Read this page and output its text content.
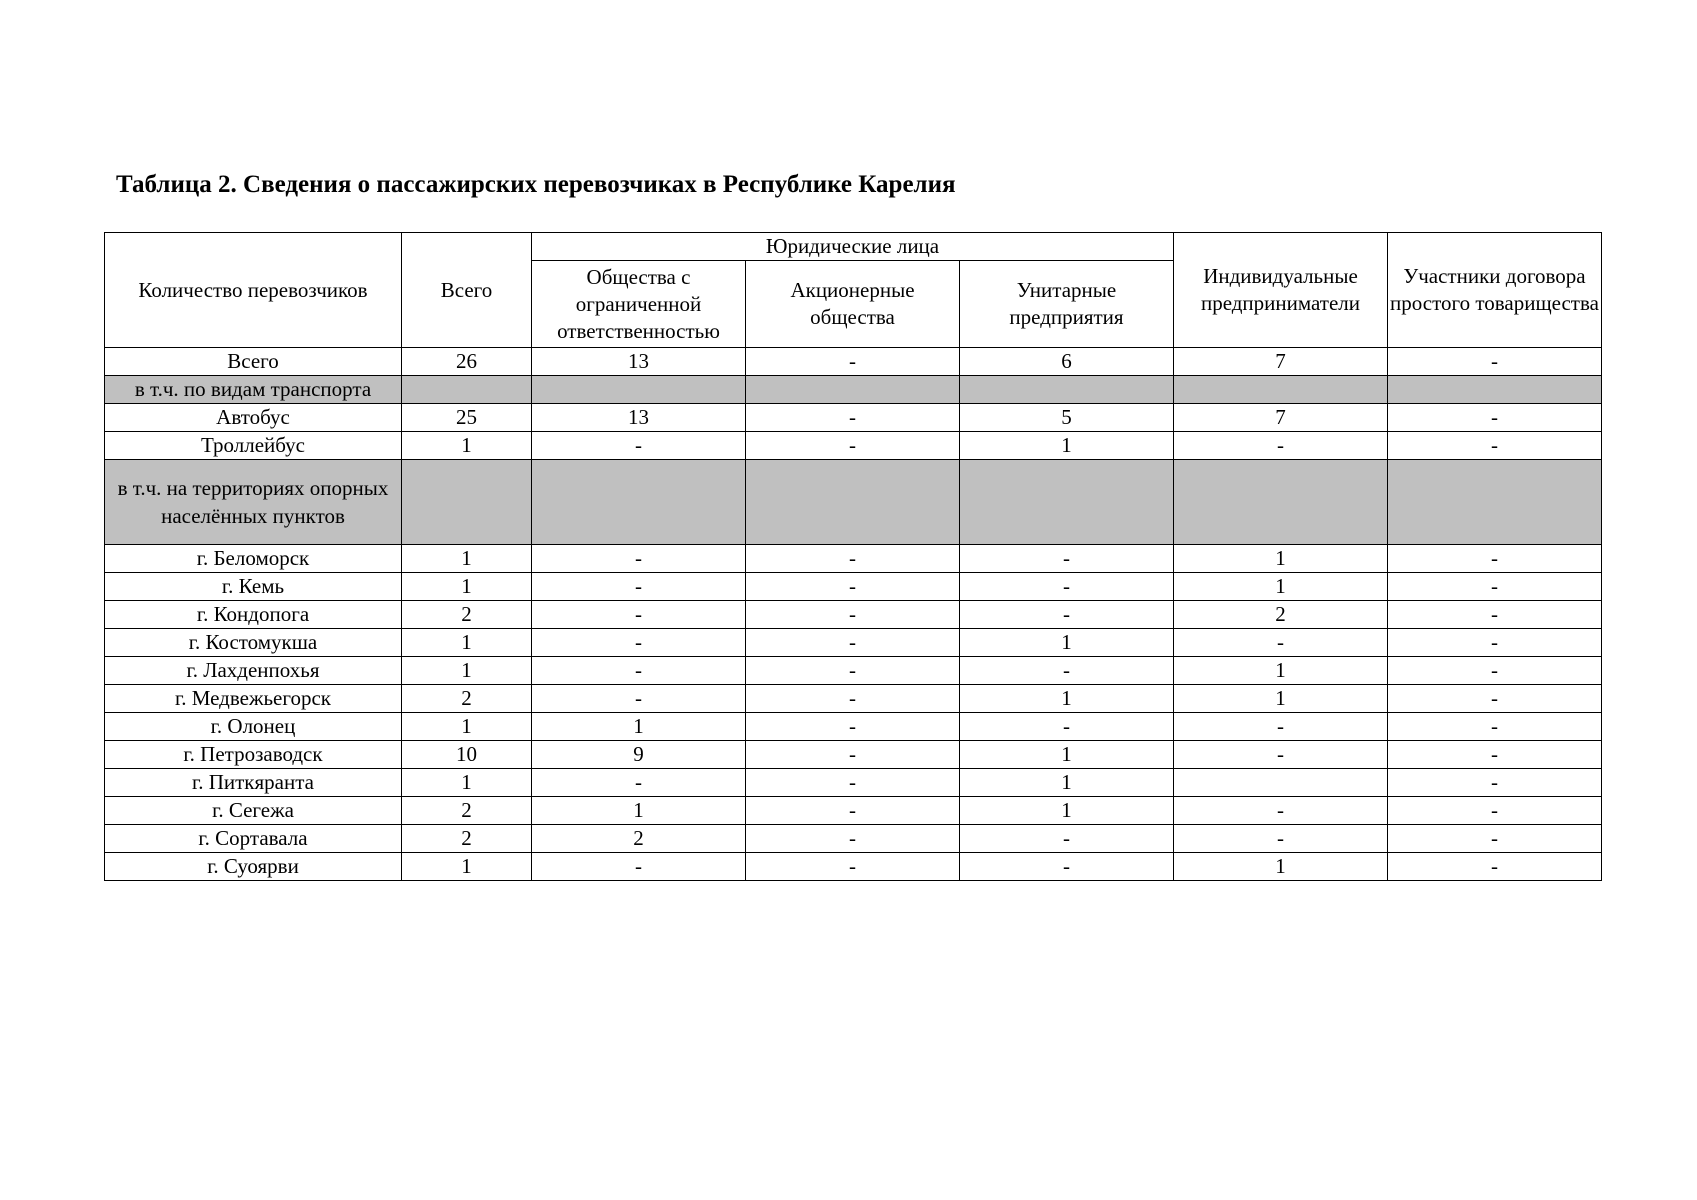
Таблица 2. Сведения о пассажирских перевозчиках в Республике Карелия
Количество перевозчиков	Всего	Юридические лица			Индивидуальные предприниматели	Участники договора простого товарищества
		Общества с ограниченной ответственностью	Акционерные общества	Унитарные предприятия		
Всего	26	13	-	6	7	-
в т.ч. по видам транспорта						
Автобус	25	13	-	5	7	-
Троллейбус	1	-	-	1	-	-
в т.ч. на территориях опорных населённых пунктов						
г. Беломорск	1	-	-	-	1	-
г. Кемь	1	-	-	-	1	-
г. Кондопога	2	-	-	-	2	-
г. Костомукша	1	-	-	1	-	-
г. Лахденпохья	1	-	-	-	1	-
г. Медвежьегорск	2	-	-	1	1	-
г. Олонец	1	1	-	-	-	-
г. Петрозаводск	10	9	-	1	-	-
г. Питкяранта	1	-	-	1		-
г. Сегежа	2	1	-	1	-	-
г. Сортавала	2	2	-	-	-	-
г. Суоярви	1	-	-	-	1	-
